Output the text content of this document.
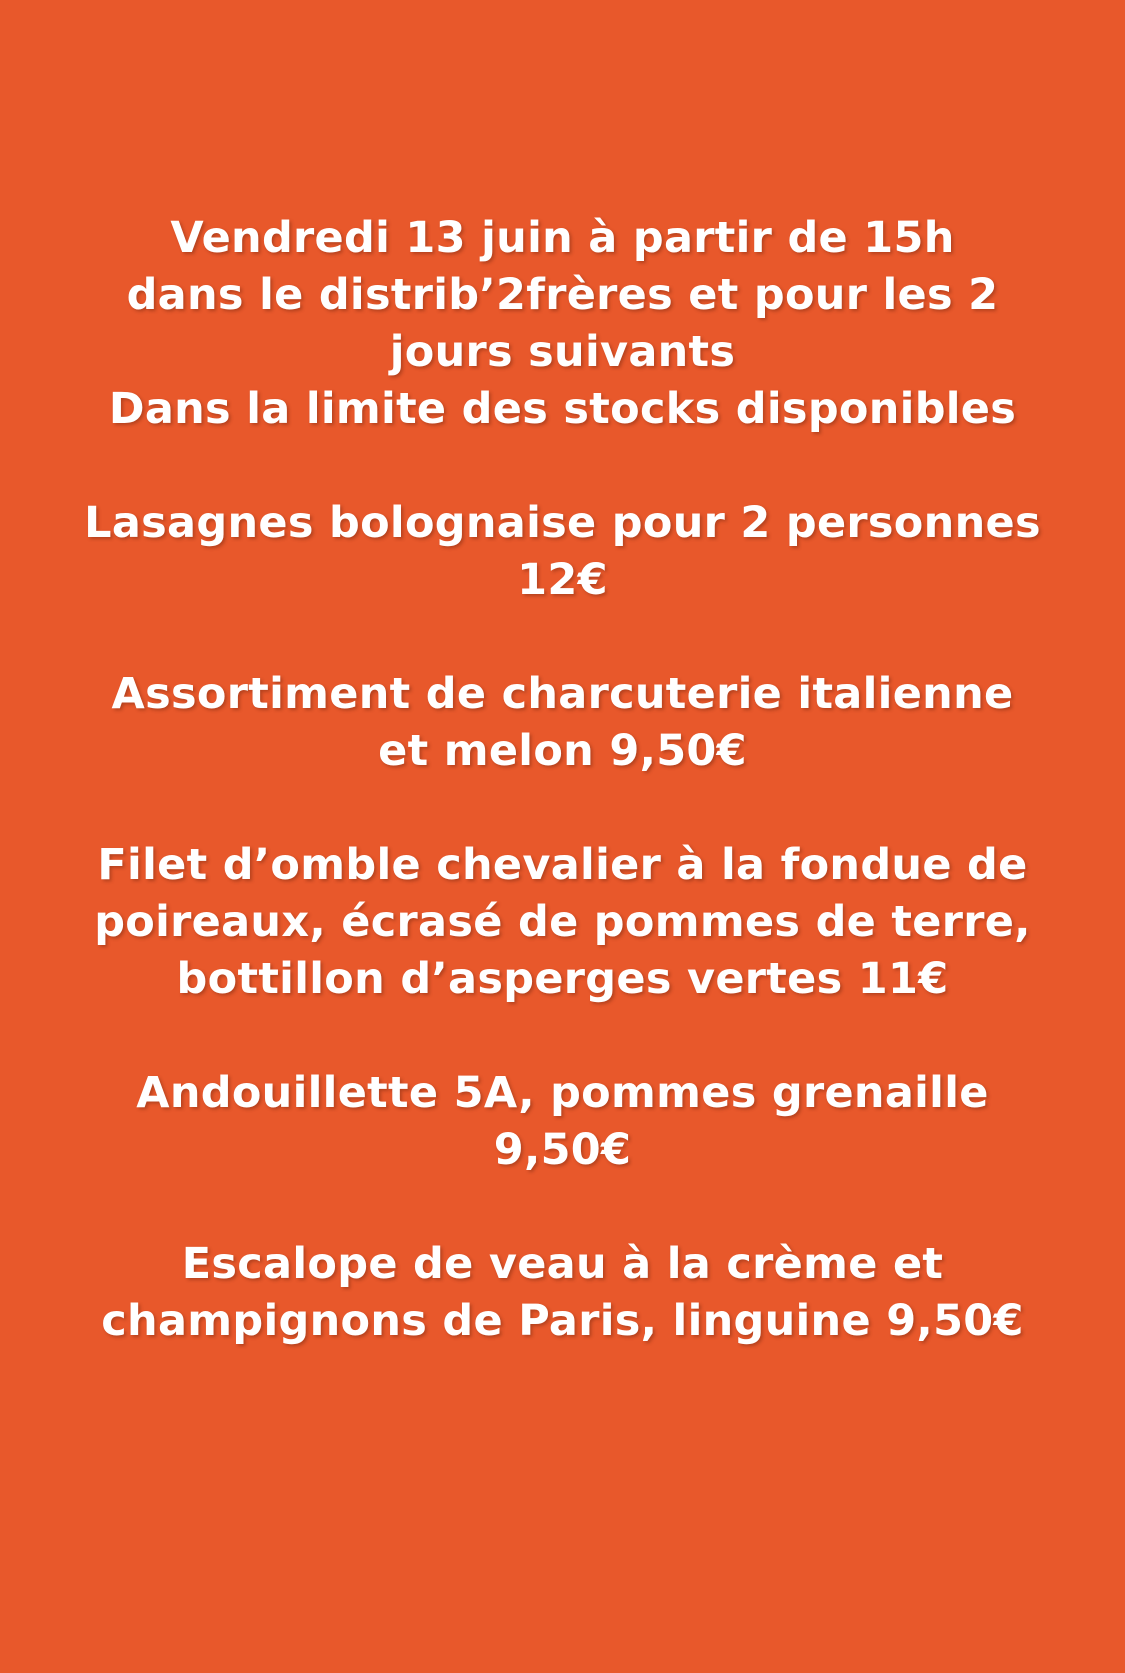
Vendredi 13 juin à partir de 15h
dans le distrib’2frères et pour les 2
jours suivants
Dans la limite des stocks disponibles
Lasagnes bolognaise pour 2 personnes
12€
Assortiment de charcuterie italienne
et melon 9,50€
Filet d’omble chevalier à la fondue de
poireaux, écrasé de pommes de terre,
bottillon d’asperges vertes 11€
Andouillette 5A, pommes grenaille
9,50€
Escalope de veau à la crème et
champignons de Paris, linguine 9,50€
